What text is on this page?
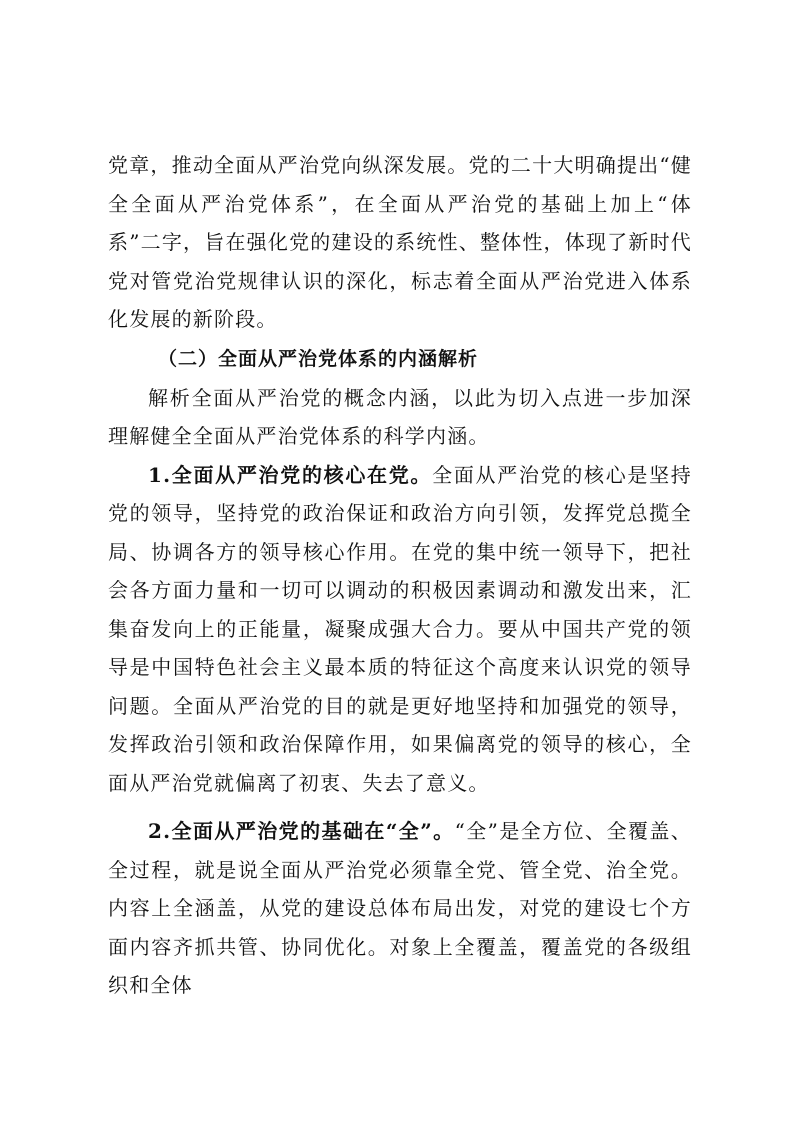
党章，推动全面从严治党向纵深发展。党的二十大明确提出“健全全面从严治党体系”，在全面从严治党的基础上加上“体系”二字，旨在强化党的建设的系统性、整体性，体现了新时代党对管党治党规律认识的深化，标志着全面从严治党进入体系化发展的新阶段。

（二）全面从严治党体系的内涵解析

解析全面从严治党的概念内涵，以此为切入点进一步加深理解健全全面从严治党体系的科学内涵。

1.全面从严治党的核心在党。全面从严治党的核心是坚持党的领导，坚持党的政治保证和政治方向引领，发挥党总揽全局、协调各方的领导核心作用。在党的集中统一领导下，把社会各方面力量和一切可以调动的积极因素调动和激发出来，汇集奋发向上的正能量，凝聚成强大合力。要从中国共产党的领导是中国特色社会主义最本质的特征这个高度来认识党的领导问题。全面从严治党的目的就是更好地坚持和加强党的领导，发挥政治引领和政治保障作用，如果偏离党的领导的核心，全面从严治党就偏离了初衷、失去了意义。

2.全面从严治党的基础在“全”。“全”是全方位、全覆盖、全过程，就是说全面从严治党必须靠全党、管全党、治全党。内容上全涵盖，从党的建设总体布局出发，对党的建设七个方面内容齐抓共管、协同优化。对象上全覆盖，覆盖党的各级组织和全体
